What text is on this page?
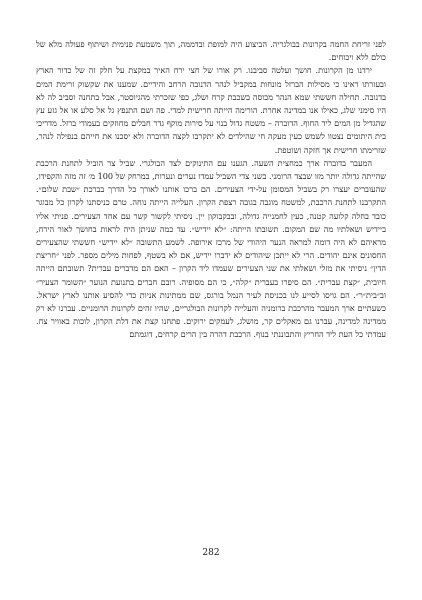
לפני זריחת החמה בקרונות בבולגריה. הביצוע היה למופת ובדממה, תוך משמעת פנימית ושיתוף פעולה מלא של כולם ללא ויכוחים.

ירדנו מן הקרונות. חושך ועלטה סביבנו. רק אורו של חצי ירח האיר במקצת על חלק זה של כדור הארץ ובעזרתו ראינו כי מסילות הברזל מונחות במקביל לנהר הדנובה הרחב והידיים. שמענו את שקשוק זרימת המים בדנובה. תחילה חששתי שמא הנהר מכוסה בשכבת קרח ושלג, כפי שזכרתי מהגיוסטר, אבל בתחנה וסביב לה לא היו סימני שלג, כאילו אנו במדינה אחרת. הורימה הייתה חרישית למדי. פה ושם התנפץ גל אל סלע או אל גזע עץ שהגדיל מן המים ליד החוף. הדוברה – משטח גדול בנוי על סירות מוקף גדר חבלים מחוזקים בעמודי ברזל. מדריכי בית היתומים נצטוו לשמש כעין מעקה חי שהילדים לא יתקרבו לקצה הדוברה ולא יסכנו את חייהם בנפילה לנהר, שזרימתו חרישית אך חזקה ושוטפת.

המעבר בדוברה ארך כמחצית השעה. הגענו עם התינוקים לצד הבולגרי. שביל צר הוביל לתחנת הרכבת שהייתה גדולה יותר מזו שבצד הרומני. בשני צדי השביל עמדו נערים ונערות, במרחק של 100 מ׳ זה מזה והקפידו, שהעוברים יעצרו רק בשביל המסומן על-ידי הצעירים. הם ברכו אותנו לאורך כל הדרך בברכת ״שבת שלום״. התקרבנו לתחנת הרכבת, למשטח מוגבה בגובה רצפת הקרון. העלייה הייתה נוחה. טרם כניסתנו לקרון כל מבוגר כובד בחלה קלועה קטנה, כעין לחמנייה גדולה, ובבקבוקון יין. ניסיתי לקשור קשר עם אחד הצעירים. פניתי אליו ביידיש ושאלתיו מה שם המקום. תשובתו הייתה: ״לא יידיש״. עד כמה שניתן היה לראות בחושך לאור הירח, מראיהם לא היה דומה למראה הנער היהודי של מרכז אירופה. לשמע התשובה ״לא יידיש״ חששתי שהצעירים החסונים אינם יהודים. הרי לא ייתכן שיהודים לא ידברו יידיש, אם לא בשטף, לפחות מילים מספר. לפני ״חריצת הדין״ ניסיתי את מזלי ושאלתי את שני הצעירים שעמדו ליד הקרון – האם הם מדברים עברית? תשובתם הייתה חיובית, ״קצת עברית״. הם סיפרו בעברית ״קלה״, כי הם מסופיה. רובם חברים בתנועת הנוער ״השומר הצעיר״ וב״בית״ר״. הם גויסו לסייע לנו בכניסת לעיר הנמל בורגס, שם ממתינות אניות כדי להסיע אותנו לארץ ישראל. כשעתיים ארך המעבר מהרכבת ברומניה והעלייה לקרונות הבולגריים, שהיו זהים לקרונות הרומניים. עברנו לא רק ממדינה למדינה, עברנו גם מאקלים קר, מושלג, לעמקים ירוקים. פתחנו קצת את דלת הקרון, לוכות באוויר צח. עמדתי כל העת ליד החריץ והתבוננתי בנוף. הרכבת דהרה בין הרים קרחים, דוגמתם

282
